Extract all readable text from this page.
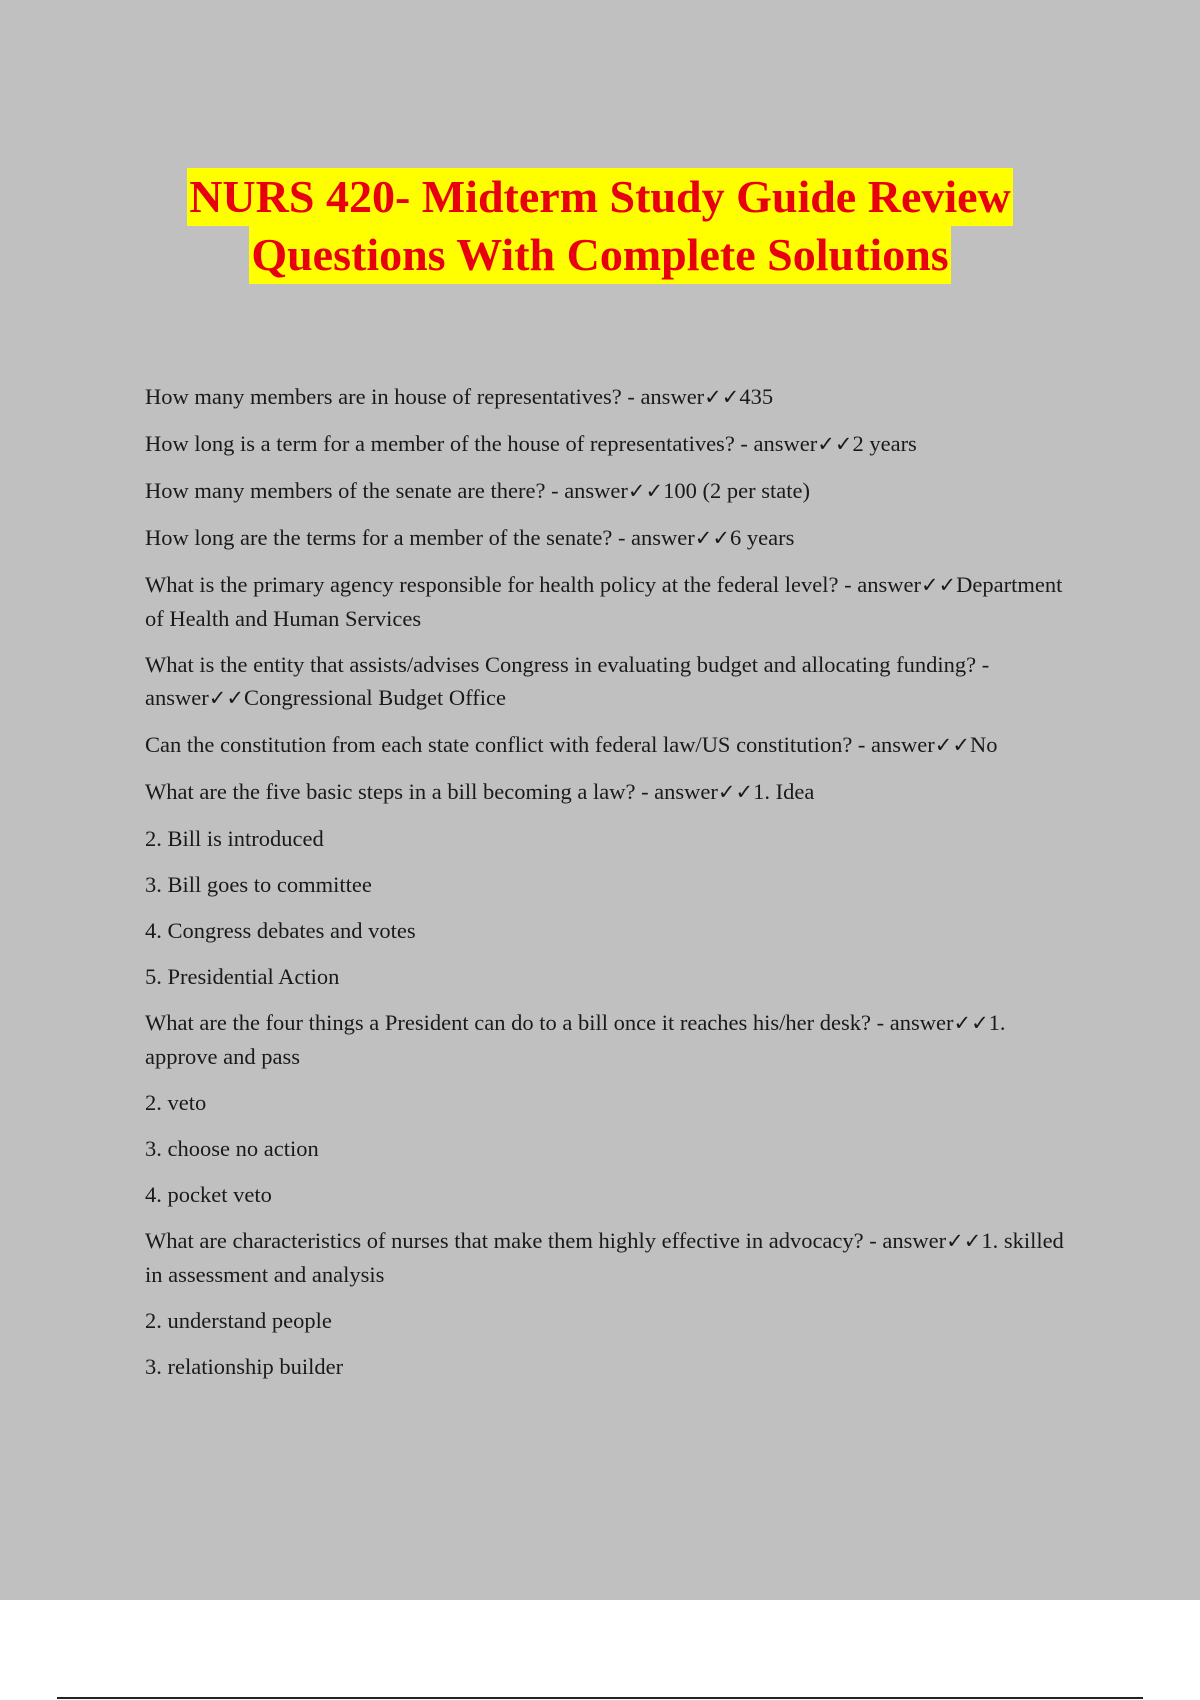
NURS 420- Midterm Study Guide Review
Questions With Complete Solutions

How many members are in house of representatives? - answer✓✓435

How long is a term for a member of the house of representatives? - answer✓✓2 years

How many members of the senate are there? - answer✓✓100 (2 per state)

How long are the terms for a member of the senate? - answer✓✓6 years

What is the primary agency responsible for health policy at the federal level? - answer✓✓Department of Health and Human Services

What is the entity that assists/advises Congress in evaluating budget and allocating funding? - answer✓✓Congressional Budget Office

Can the constitution from each state conflict with federal law/US constitution? - answer✓✓No

What are the five basic steps in a bill becoming a law? - answer✓✓1. Idea

2. Bill is introduced

3. Bill goes to committee

4. Congress debates and votes

5. Presidential Action

What are the four things a President can do to a bill once it reaches his/her desk? - answer✓✓1. approve and pass

2. veto

3. choose no action

4. pocket veto

What are characteristics of nurses that make them highly effective in advocacy? - answer✓✓1. skilled in assessment and analysis

2. understand people

3. relationship builder
